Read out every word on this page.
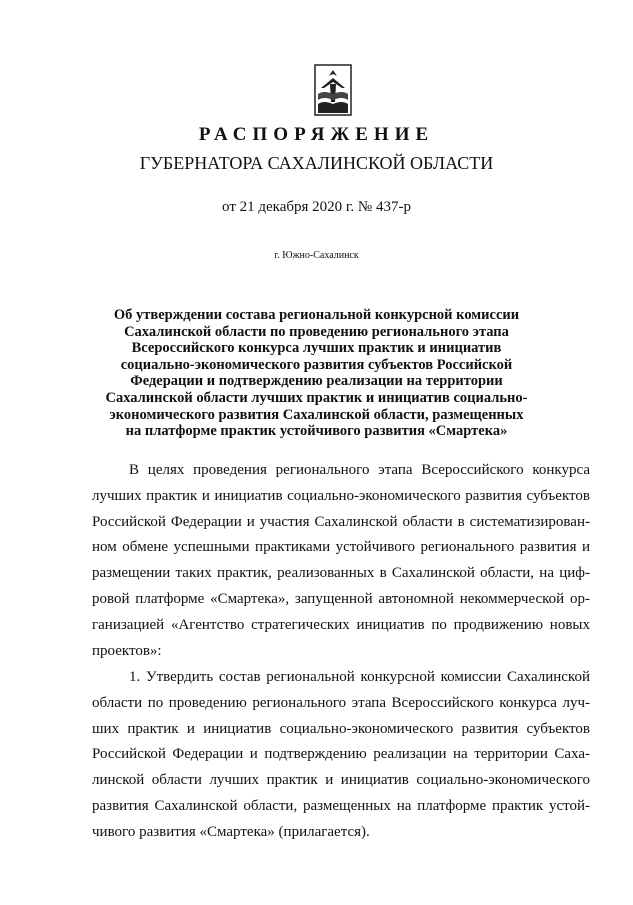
РАСПОРЯЖЕНИЕ
ГУБЕРНАТОРА САХАЛИНСКОЙ ОБЛАСТИ
от 21 декабря 2020 г. № 437-р
г. Южно-Сахалинск
Об утверждении состава региональной конкурсной комиссии
Сахалинской области по проведению регионального этапа
Всероссийского конкурса лучших практик и инициатив
социально-экономического развития субъектов Российской
Федерации и подтверждению реализации на территории
Сахалинской области лучших практик и инициатив социально-
экономического развития Сахалинской области, размещенных
на платформе практик устойчивого развития «Смартека»
В целях проведения регионального этапа Всероссийского конкурса
лучших практик и инициатив социально-экономического развития субъектов
Российской Федерации и участия Сахалинской области в систематизирован-
ном обмене успешными практиками устойчивого регионального развития и
размещении таких практик, реализованных в Сахалинской области, на циф-
ровой платформе «Смартека», запущенной автономной некоммерческой ор-
ганизацией «Агентство стратегических инициатив по продвижению новых
проектов»:
1. Утвердить состав региональной конкурсной комиссии Сахалинской
области по проведению регионального этапа Всероссийского конкурса луч-
ших практик и инициатив социально-экономического развития субъектов
Российской Федерации и подтверждению реализации на территории Саха-
линской области лучших практик и инициатив социально-экономического
развития Сахалинской области, размещенных на платформе практик устой-
чивого развития «Смартека» (прилагается).
